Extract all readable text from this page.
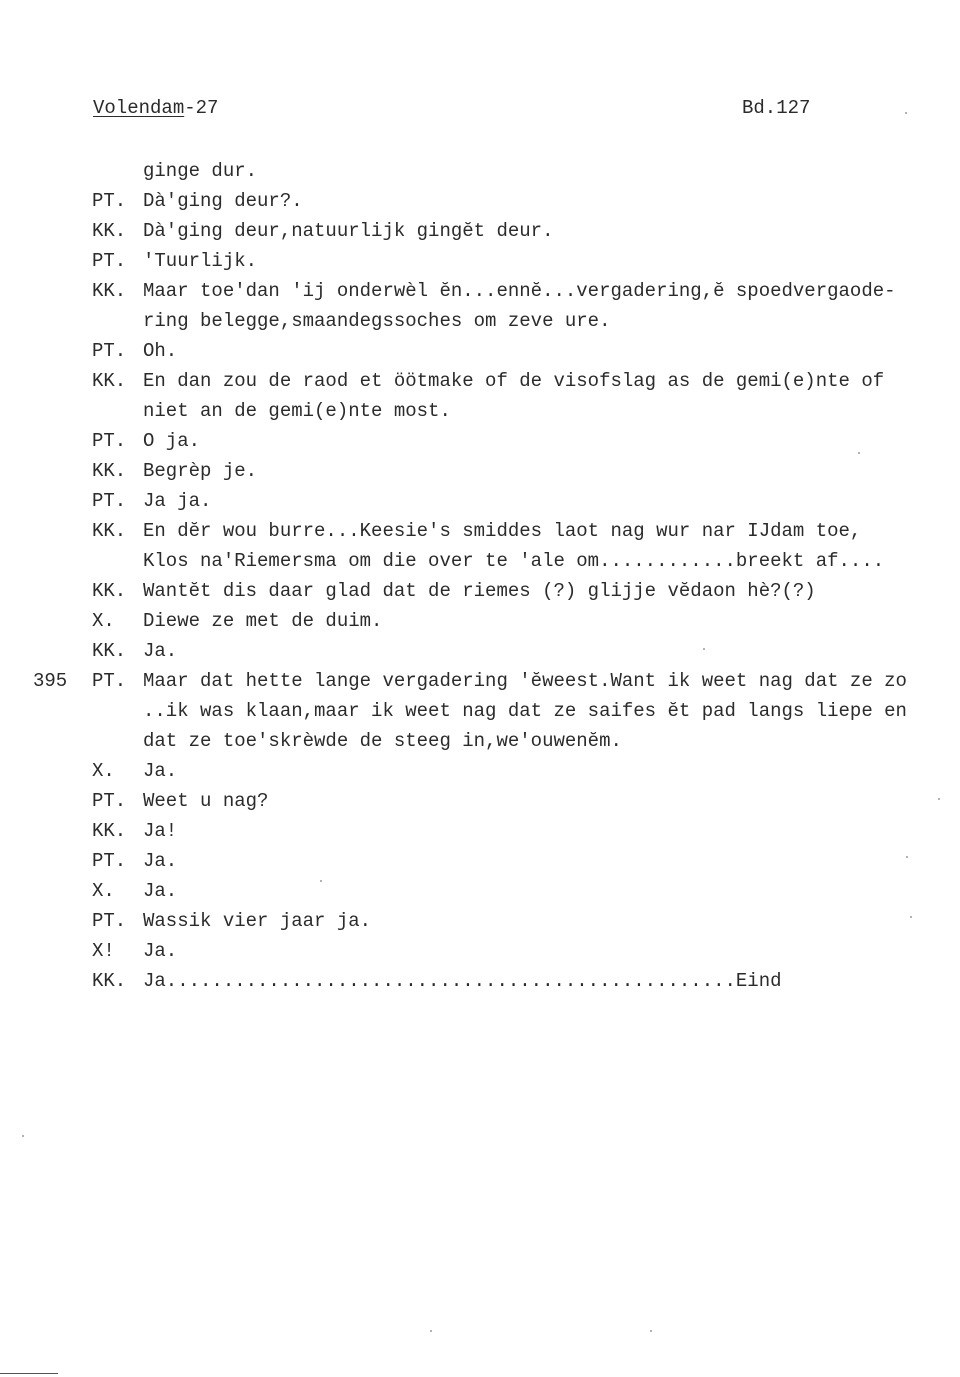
Volendam-27	Bd.127
ginge dur.
PT. Dà'ging deur?.
KK. Dà'ging deur,natuurlijk gingĕt deur.
PT. 'Tuurlijk.
KK. Maar toe'dan 'ij onderwèl ĕn...ennĕ...vergadering,ĕ spoedvergaode-
ring belegge,smaandegssoches om zeve ure.
PT. Oh.
KK. En dan zou de raod et öötmake of de visofslag as de gemi(e)nte of
niet an de gemi(e)nte most.
PT. O ja.
KK. Begrèp je.
PT. Ja ja.
KK. En dĕr wou burre...Keesie's smiddes laot nag wur nar IJdam toe,
Klos na'Riemersma om die over te 'ale om............breekt af....
KK. Wantĕt dis daar glad dat de riemes (?) glijje vĕdaon hè?(?)
X. Diewe ze met de duim.
KK. Ja.
395 PT. Maar dat hette lange vergadering 'ĕweest.Want ik weet nag dat ze zo
..ik was klaan,maar ik weet nag dat ze saifes ĕt pad langs liepe en
dat ze toe'skrèwde de steeg in,we'ouwenĕm.
X. Ja.
PT. Weet u nag?
KK. Ja!
PT. Ja.
X. Ja.
PT. Wassik vier jaar ja.
X! Ja.
KK. Ja..................................................Eind
